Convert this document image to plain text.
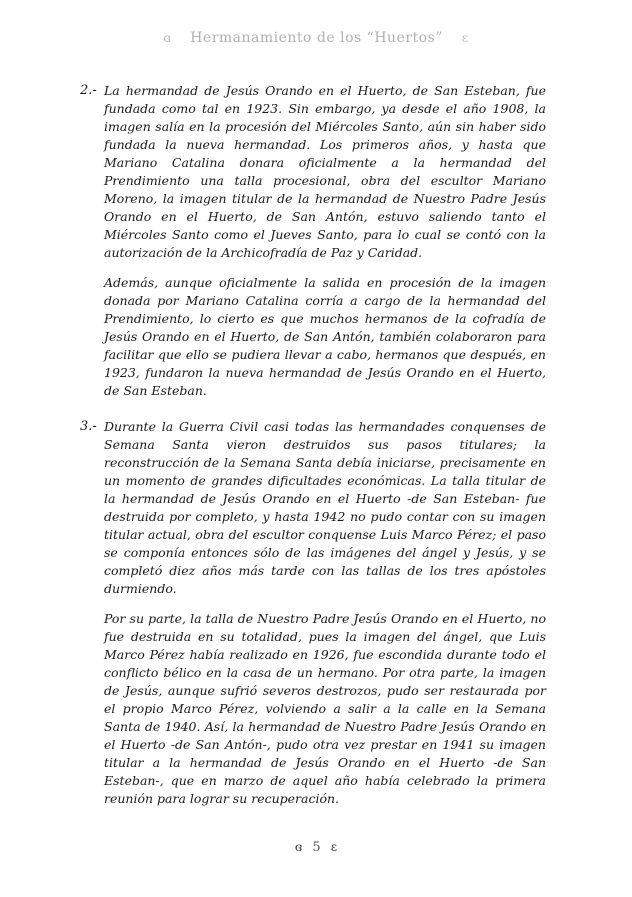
ɞ Hermanamiento de los “Huertos” ɛ
2.- La hermandad de Jesús Orando en el Huerto, de San Esteban, fue fundada como tal en 1923. Sin embargo, ya desde el año 1908, la imagen salía en la procesión del Miércoles Santo, aún sin haber sido fundada la nueva hermandad. Los primeros años, y hasta que Mariano Catalina donara oficialmente a la hermandad del Prendimiento una talla procesional, obra del escultor Mariano Moreno, la imagen titular de la hermandad de Nuestro Padre Jesús Orando en el Huerto, de San Antón, estuvo saliendo tanto el Miércoles Santo como el Jueves Santo, para lo cual se contó con la autorización de la Archicofradía de Paz y Caridad.

Además, aunque oficialmente la salida en procesión de la imagen donada por Mariano Catalina corría a cargo de la hermandad del Prendimiento, lo cierto es que muchos hermanos de la cofradía de Jesús Orando en el Huerto, de San Antón, también colaboraron para facilitar que ello se pudiera llevar a cabo, hermanos que después, en 1923, fundaron la nueva hermandad de Jesús Orando en el Huerto, de San Esteban.

3.- Durante la Guerra Civil casi todas las hermandades conquenses de Semana Santa vieron destruidos sus pasos titulares; la reconstrucción de la Semana Santa debía iniciarse, precisamente en un momento de grandes dificultades económicas. La talla titular de la hermandad de Jesús Orando en el Huerto -de San Esteban- fue destruida por completo, y hasta 1942 no pudo contar con su imagen titular actual, obra del escultor conquense Luis Marco Pérez; el paso se componía entonces sólo de las imágenes del ángel y Jesús, y se completó diez años más tarde con las tallas de los tres apóstoles durmiendo.

Por su parte, la talla de Nuestro Padre Jesús Orando en el Huerto, no fue destruida en su totalidad, pues la imagen del ángel, que Luis Marco Pérez había realizado en 1926, fue escondida durante todo el conflicto bélico en la casa de un hermano. Por otra parte, la imagen de Jesús, aunque sufrió severos destrozos, pudo ser restaurada por el propio Marco Pérez, volviendo a salir a la calle en la Semana Santa de 1940. Así, la hermandad de Nuestro Padre Jesús Orando en el Huerto -de San Antón-, pudo otra vez prestar en 1941 su imagen titular a la hermandad de Jesús Orando en el Huerto -de San Esteban-, que en marzo de aquel año había celebrado la primera reunión para lograr su recuperación.

ɞ 5 ɛ
